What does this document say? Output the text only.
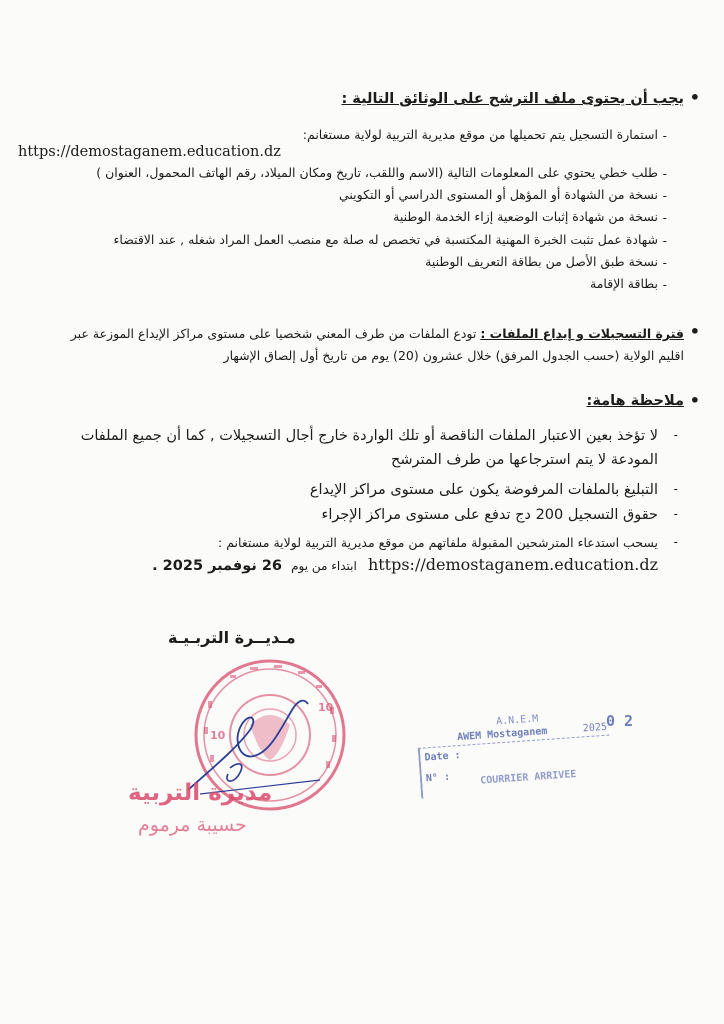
•
يجب أن يحتوى ملف الترشح على الوثائق التالية :
-
استمارة التسجيل يتم تحميلها من موقع مديرية التربية لولاية مستغانم:
https://demostaganem.education.dz
-
طلب خطي يحتوي على المعلومات التالية (الاسم واللقب، تاريخ ومكان الميلاد، رقم الهاتف المحمول، العنوان )
-
نسخة من الشهادة أو المؤهل أو المستوى الدراسي أو التكويني
-
نسخة من شهادة إثبات الوضعية إزاء الخدمة الوطنية
-
شهادة عمل تثبت الخبرة المهنية المكتسبة في تخصص له صلة مع منصب العمل المراد شغله , عند الاقتضاء
-
نسخة طبق الأصل من بطاقة التعريف الوطنية
-
بطاقة الإقامة
•
فترة التسجيلات و إيداع الملفات : تودع الملفات من طرف المعني شخصيا على مستوى مراكز الإيداع الموزعة عبر
اقليم الولاية (حسب الجدول المرفق) خلال عشرون (20) يوم من تاريخ أول إلصاق الإشهار
•
ملاحظة هامة:
-
لا تؤخذ بعين الاعتبار الملفات الناقصة أو تلك الواردة خارج أجال التسجيلات , كما أن جميع الملفات
المودعة لا يتم استرجاعها من طرف المترشح
-
التبليغ بالملفات المرفوضة يكون على مستوى مراكز الإيداع
-
حقوق التسجيل 200 دج تدفع على مستوى مراكز الإجراء
-
يسحب استدعاء المترشحين المقبولة ملفاتهم من موقع مديرية التربية لولاية مستغانم :
26 نوفمبر 2025 . ابتداء من يوم https://demostaganem.education.dz
مـديــرة التربـيـة
10
10
مديرة التربية
حسيبة مرموم
A.N.E.M
AWEM Mostaganem	2025
Date :
N° :	COURRIER ARRIVEE
0 2
